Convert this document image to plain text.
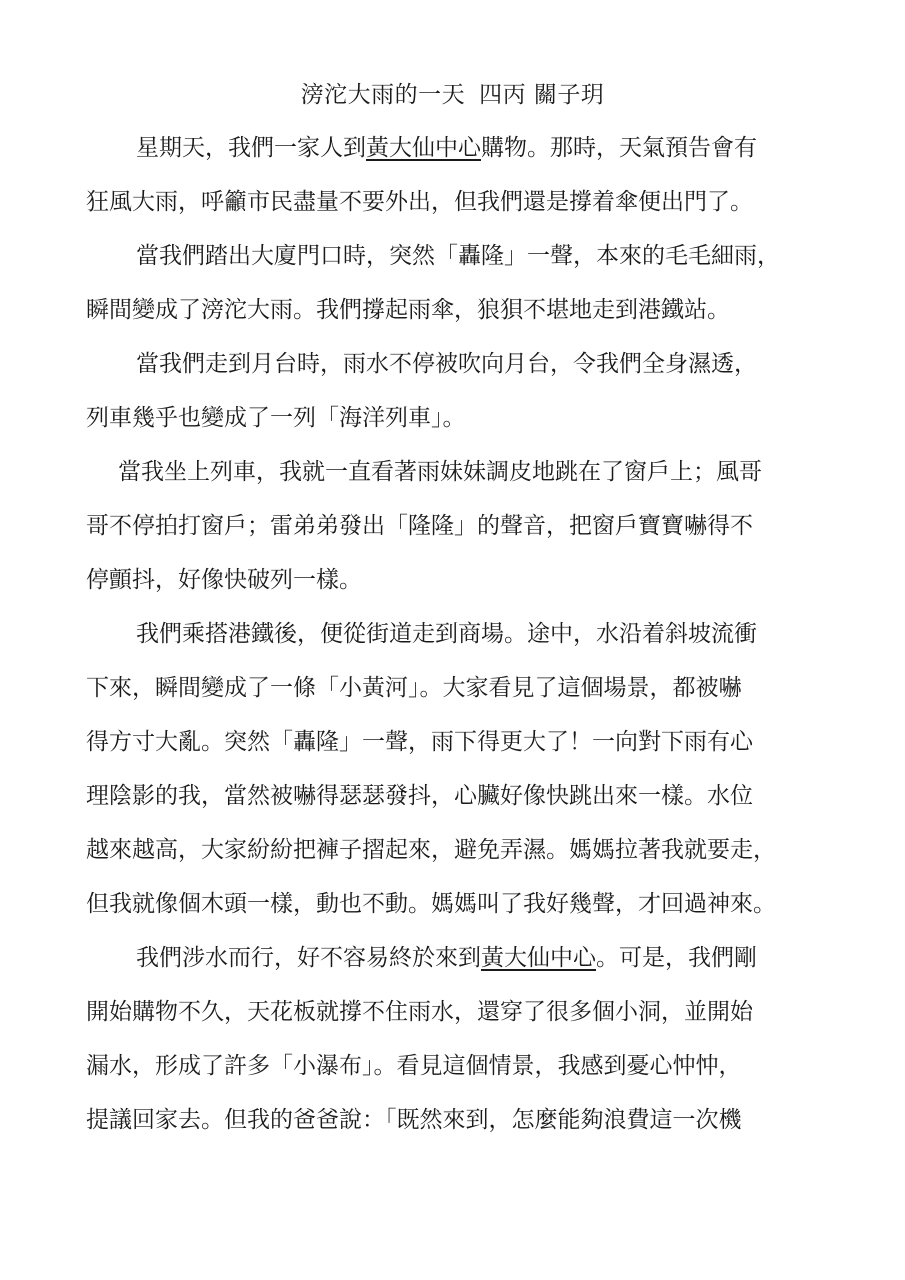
滂沱大雨的一天 四丙 關子玥
星期天，我們一家人到黃大仙中心購物。那時，天氣預告會有
狂風大雨，呼籲市民盡量不要外出，但我們還是撐着傘便出門了。
當我們踏出大廈門口時，突然「轟隆」一聲，本來的毛毛細雨，
瞬間變成了滂沱大雨。我們撐起雨傘，狼狽不堪地走到港鐵站。
當我們走到月台時，雨水不停被吹向月台，令我們全身濕透，
列車幾乎也變成了一列「海洋列車」。
當我坐上列車，我就一直看著雨妹妹調皮地跳在了窗戶上；風哥
哥不停拍打窗戶；雷弟弟發出「隆隆」的聲音，把窗戶寶寶嚇得不
停顫抖，好像快破列一樣。
我們乘搭港鐵後，便從街道走到商場。途中，水沿着斜坡流衝
下來，瞬間變成了一條「小黃河」。大家看見了這個場景，都被嚇
得方寸大亂。突然「轟隆」一聲，雨下得更大了！一向對下雨有心
理陰影的我，當然被嚇得瑟瑟發抖，心臟好像快跳出來一樣。水位
越來越高，大家紛紛把褲子摺起來，避免弄濕。媽媽拉著我就要走，
但我就像個木頭一樣，動也不動。媽媽叫了我好幾聲，才回過神來。
我們涉水而行，好不容易終於來到黃大仙中心。可是，我們剛
開始購物不久，天花板就撐不住雨水，還穿了很多個小洞，並開始
漏水，形成了許多「小瀑布」。看見這個情景，我感到憂心忡忡，
提議回家去。但我的爸爸說：「既然來到，怎麼能夠浪費這一次機
